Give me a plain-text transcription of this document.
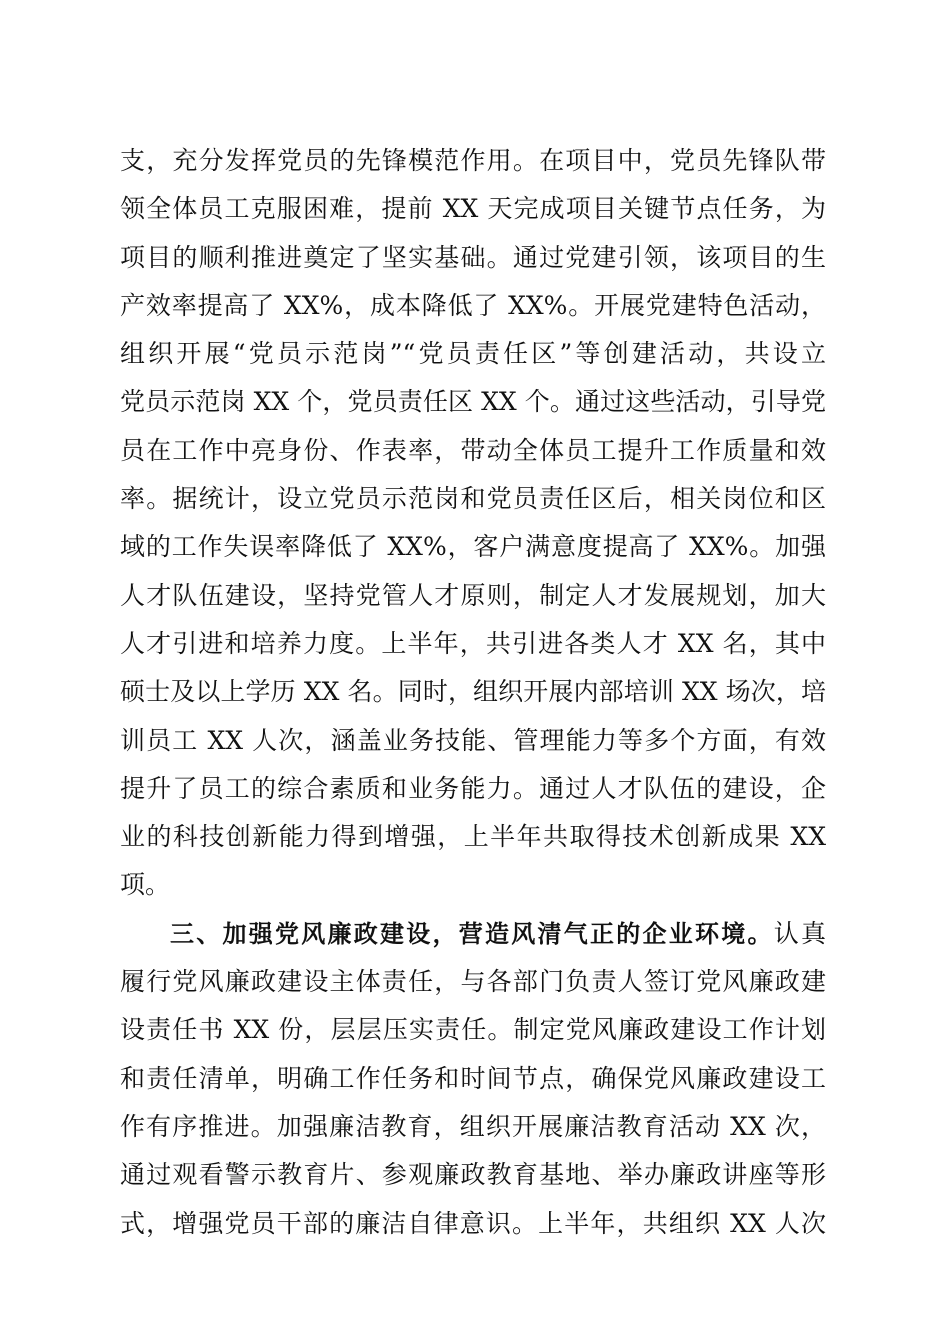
支，充分发挥党员的先锋模范作用。在项目中，党员先锋队带
领全体员工克服困难，提前 XX 天完成项目关键节点任务，为
项目的顺利推进奠定了坚实基础。通过党建引领，该项目的生
产效率提高了 XX%，成本降低了 XX%。开展党建特色活动，
组织开展“党员示范岗”“党员责任区”等创建活动，共设立
党员示范岗 XX 个，党员责任区 XX 个。通过这些活动，引导党
员在工作中亮身份、作表率，带动全体员工提升工作质量和效
率。据统计，设立党员示范岗和党员责任区后，相关岗位和区
域的工作失误率降低了 XX%，客户满意度提高了 XX%。加强
人才队伍建设，坚持党管人才原则，制定人才发展规划，加大
人才引进和培养力度。上半年，共引进各类人才 XX 名，其中
硕士及以上学历 XX 名。同时，组织开展内部培训 XX 场次，培
训员工 XX 人次，涵盖业务技能、管理能力等多个方面，有效
提升了员工的综合素质和业务能力。通过人才队伍的建设，企
业的科技创新能力得到增强，上半年共取得技术创新成果 XX
项。
三、加强党风廉政建设，营造风清气正的企业环境。认真
履行党风廉政建设主体责任，与各部门负责人签订党风廉政建
设责任书 XX 份，层层压实责任。制定党风廉政建设工作计划
和责任清单，明确工作任务和时间节点，确保党风廉政建设工
作有序推进。加强廉洁教育，组织开展廉洁教育活动 XX 次，
通过观看警示教育片、参观廉政教育基地、举办廉政讲座等形
式，增强党员干部的廉洁自律意识。上半年，共组织 XX 人次
